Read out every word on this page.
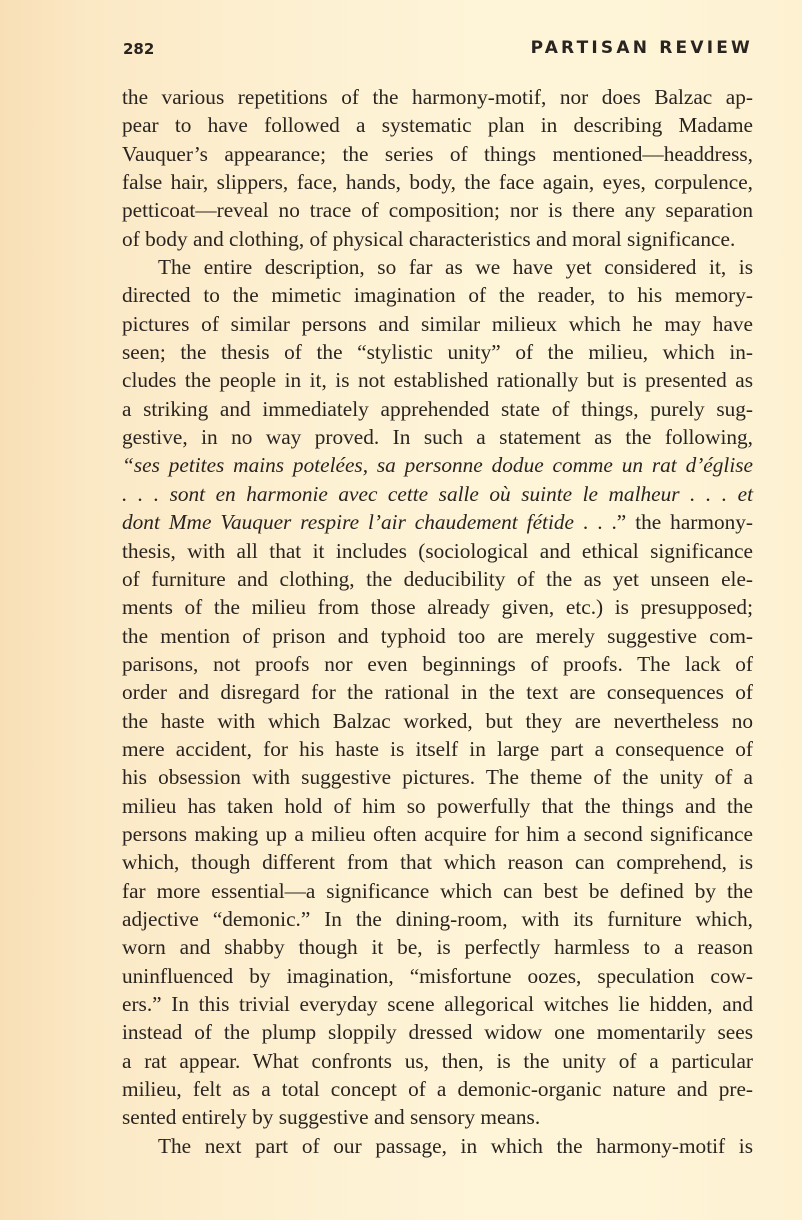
282	PARTISAN REVIEW
the various repetitions of the harmony-motif, nor does Balzac ap-
pear to have followed a systematic plan in describing Madame
Vauquer’s appearance; the series of things mentioned—headdress,
false hair, slippers, face, hands, body, the face again, eyes, corpulence,
petticoat—reveal no trace of composition; nor is there any separation
of body and clothing, of physical characteristics and moral significance.
The entire description, so far as we have yet considered it, is
directed to the mimetic imagination of the reader, to his memory-
pictures of similar persons and similar milieux which he may have
seen; the thesis of the “stylistic unity” of the milieu, which in-
cludes the people in it, is not established rationally but is presented as
a striking and immediately apprehended state of things, purely sug-
gestive, in no way proved. In such a statement as the following,
“ses petites mains potelées, sa personne dodue comme un rat d’église
. . . sont en harmonie avec cette salle où suinte le malheur . . . et
dont Mme Vauquer respire l’air chaudement fétide . . .” the harmony-
thesis, with all that it includes (sociological and ethical significance
of furniture and clothing, the deducibility of the as yet unseen ele-
ments of the milieu from those already given, etc.) is presupposed;
the mention of prison and typhoid too are merely suggestive com-
parisons, not proofs nor even beginnings of proofs. The lack of
order and disregard for the rational in the text are consequences of
the haste with which Balzac worked, but they are nevertheless no
mere accident, for his haste is itself in large part a consequence of
his obsession with suggestive pictures. The theme of the unity of a
milieu has taken hold of him so powerfully that the things and the
persons making up a milieu often acquire for him a second significance
which, though different from that which reason can comprehend, is
far more essential—a significance which can best be defined by the
adjective “demonic.” In the dining-room, with its furniture which,
worn and shabby though it be, is perfectly harmless to a reason
uninfluenced by imagination, “misfortune oozes, speculation cow-
ers.” In this trivial everyday scene allegorical witches lie hidden, and
instead of the plump sloppily dressed widow one momentarily sees
a rat appear. What confronts us, then, is the unity of a particular
milieu, felt as a total concept of a demonic-organic nature and pre-
sented entirely by suggestive and sensory means.
The next part of our passage, in which the harmony-motif is
